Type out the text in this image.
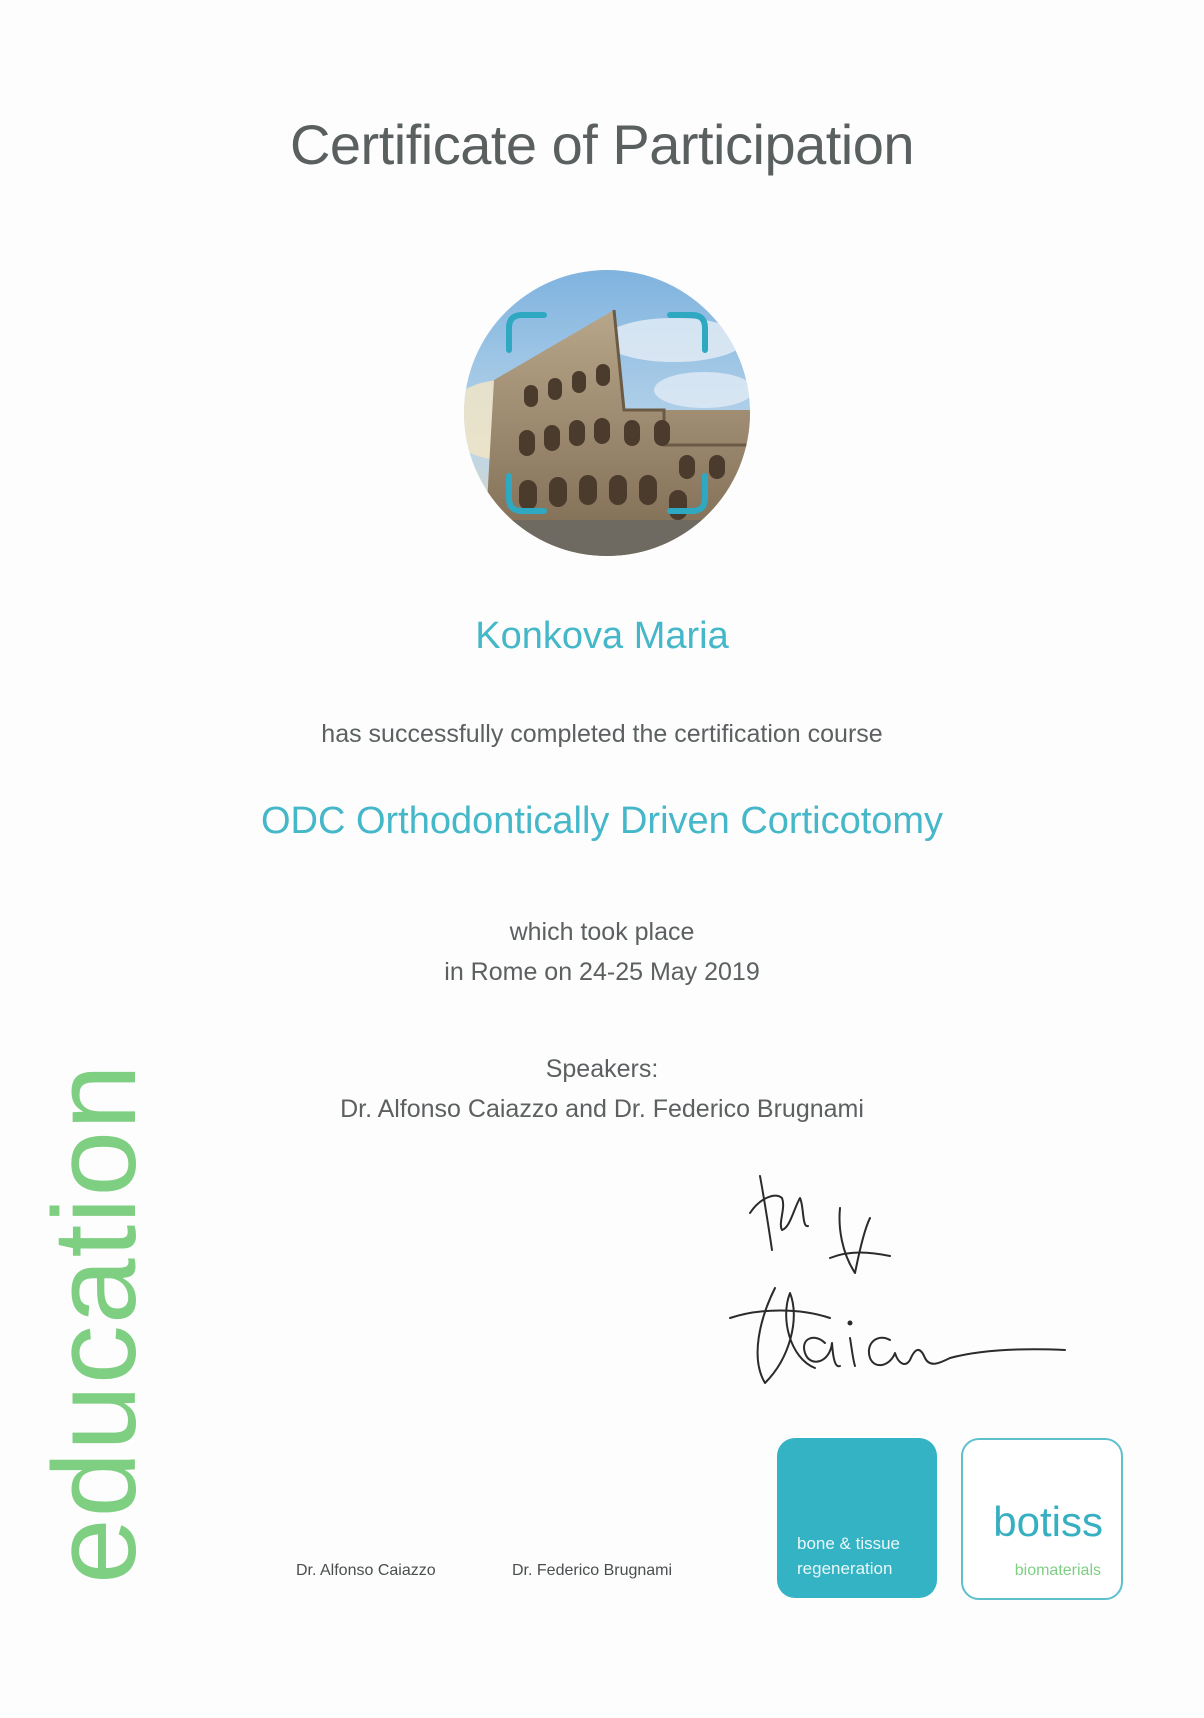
Certificate of Participation
Konkova Maria
has successfully completed the certification course
ODC Orthodontically Driven Corticotomy
which took place
in Rome on 24-25 May 2019
Speakers:
Dr. Alfonso Caiazzo and Dr. Federico Brugnami
education	Dr. Alfonso Caiazzo	Dr. Federico Brugnami
bone & tissue
regeneration
botiss
biomaterials
